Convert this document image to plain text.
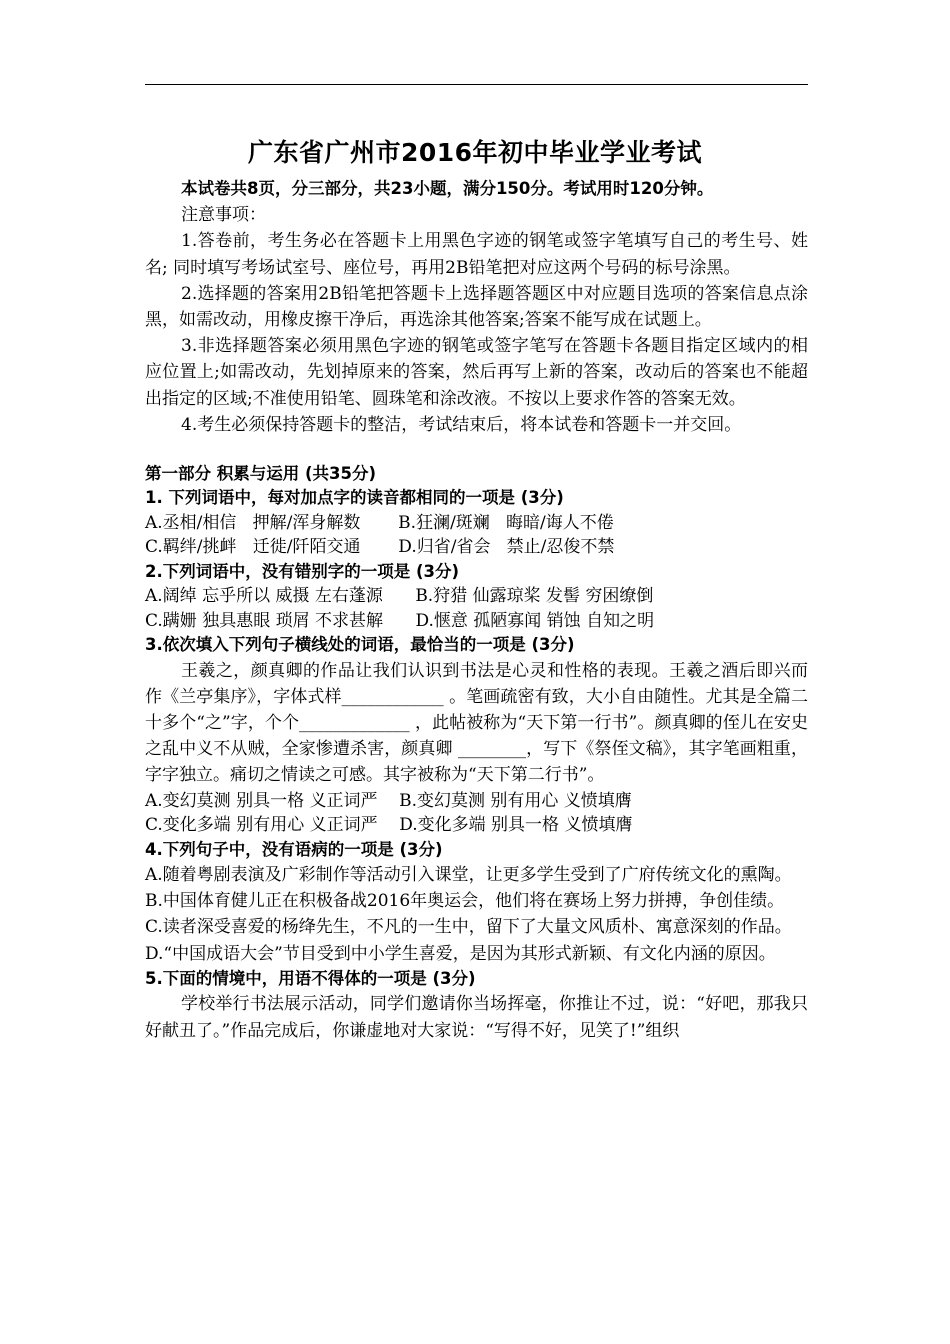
广东省广州市2016年初中毕业学业考试

本试卷共8页，分三部分，共23小题，满分150分。考试用时120分钟。

注意事项：

1.答卷前，考生务必在答题卡上用黑色字迹的钢笔或签字笔填写自己的考生号、姓名; 同时填写考场试室号、座位号，再用2B铅笔把对应这两个号码的标号涂黑。

2.选择题的答案用2B铅笔把答题卡上选择题答题区中对应题目选项的答案信息点涂黑，如需改动，用橡皮擦干净后，再选涂其他答案;答案不能写成在试题上。

3.非选择题答案必须用黑色字迹的钢笔或签字笔写在答题卡各题目指定区域内的相应位置上;如需改动，先划掉原来的答案，然后再写上新的答案，改动后的答案也不能超出指定的区域;不准使用铅笔、圆珠笔和涂改液。不按以上要求作答的答案无效。

4.考生必须保持答题卡的整洁，考试结束后，将本试卷和答题卡一并交回。

第一部分 积累与运用 (共35分)

1. 下列词语中，每对加点字的读音都相同的一项是 (3分)

A.丞相/相信   押解/浑身解数       B.狂澜/斑斓   晦暗/诲人不倦

C.羁绊/挑衅   迁徙/阡陌交通       D.归省/省会   禁止/忍俊不禁

2.下列词语中，没有错别字的一项是 (3分)

A.阔绰 忘乎所以 威摄 左右蓬源      B.狩猎 仙露琼桨 发髻 穷困缭倒

C.蹒姗 独具惠眼 琐屑 不求甚解      D.惬意 孤陋寡闻 销蚀 自知之明

3.依次填入下列句子横线处的词语，最恰当的一项是 (3分)

王羲之，颜真卿的作品让我们认识到书法是心灵和性格的表现。王羲之酒后即兴而作《兰亭集序》，字体式样____________ 。笔画疏密有致，大小自由随性。尤其是全篇二十多个“之”字，个个_____________ ，此帖被称为“天下第一行书”。颜真卿的侄儿在安史之乱中义不从贼，全家惨遭杀害，颜真卿 ________，写下《祭侄文稿》，其字笔画粗重，字字独立。痛切之情读之可感。其字被称为“天下第二行书”。

A.变幻莫测 别具一格 义正词严    B.变幻莫测 别有用心 义愤填膺

C.变化多端 别有用心 义正词严    D.变化多端 别具一格 义愤填膺

4.下列句子中，没有语病的一项是 (3分)

A.随着粤剧表演及广彩制作等活动引入课堂，让更多学生受到了广府传统文化的熏陶。

B.中国体育健儿正在积极备战2016年奥运会，他们将在赛场上努力拼搏，争创佳绩。

C.读者深受喜爱的杨绛先生，不凡的一生中，留下了大量文风质朴、寓意深刻的作品。

D.“中国成语大会”节目受到中小学生喜爱，是因为其形式新颖、有文化内涵的原因。

5.下面的情境中，用语不得体的一项是 (3分)

学校举行书法展示活动，同学们邀请你当场挥毫，你推让不过，说：“好吧，那我只好献丑了。”作品完成后，你谦虚地对大家说：“写得不好，见笑了!”组织
